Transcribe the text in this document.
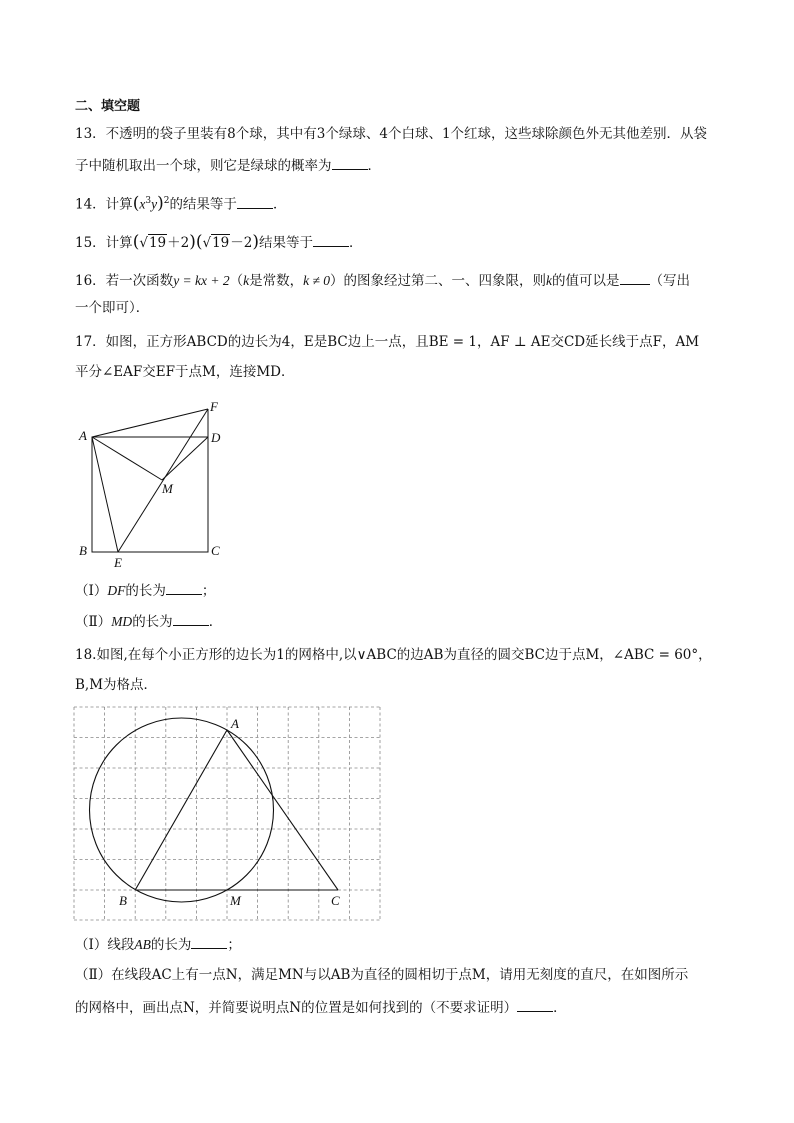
二、填空题
13．不透明的袋子里装有8个球，其中有3个绿球、4个白球、1个红球，这些球除颜色外无其他差别．从袋
子中随机取出一个球，则它是绿球的概率为	．
14．计算$(x^3y)^2$的结果等于	．
15．计算(√19＋2)(√19－2)结果等于	．
16．若一次函数y = kx + 2（k是常数，k ≠ 0）的图象经过第二、一、四象限，则k的值可以是 （写出
一个即可）．
17．如图，正方形ABCD的边长为4，E是BC边上一点，且BE = 1，AF ⊥ AE交CD延长线于点F，AM
平分∠EAF交EF于点M，连接MD．
A
B	C
D
E
F
M
（Ⅰ）DF的长为	；
（Ⅱ）MD的长为	．
18.如图,在每个小正方形的边长为1的网格中,以∨ABC的边AB为直径的圆交BC边于点M，∠ABC = 60°，
B,M为格点．
A
B	M	C
（Ⅰ）线段AB的长为	；
（Ⅱ）在线段AC上有一点N，满足MN与以AB为直径的圆相切于点M，请用无刻度的直尺，在如图所示
的网格中，画出点N，并简要说明点N的位置是如何找到的（不要求证明）	．
